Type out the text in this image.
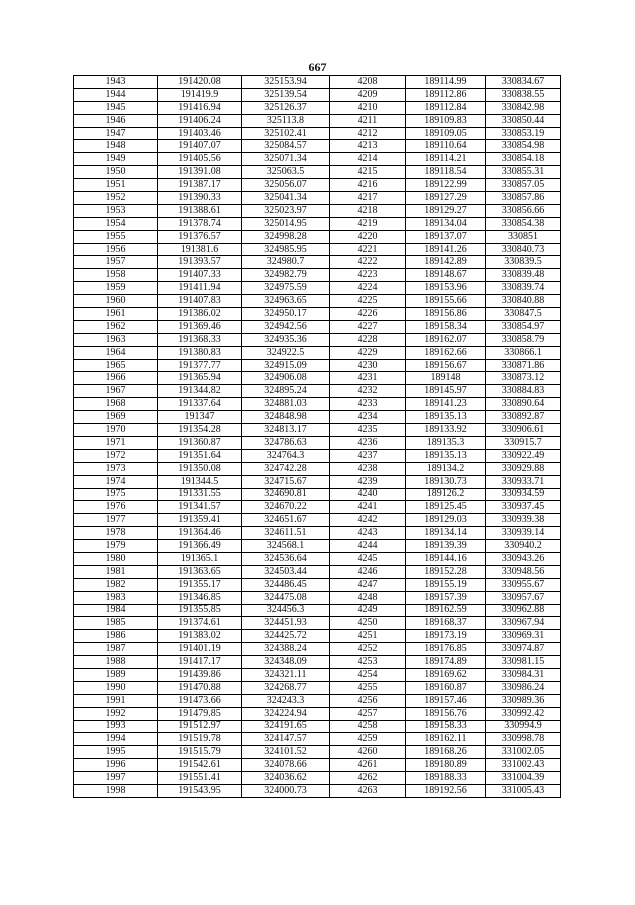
667
1943	191420.08	325153.94	4208	189114.99	330834.67
1944	191419.9	325139.54	4209	189112.86	330838.55
1945	191416.94	325126.37	4210	189112.84	330842.98
1946	191406.24	325113.8	4211	189109.83	330850.44
1947	191403.46	325102.41	4212	189109.05	330853.19
1948	191407.07	325084.57	4213	189110.64	330854.98
1949	191405.56	325071.34	4214	189114.21	330854.18
1950	191391.08	325063.5	4215	189118.54	330855.31
1951	191387.17	325056.07	4216	189122.99	330857.05
1952	191390.33	325041.34	4217	189127.29	330857.86
1953	191388.61	325023.97	4218	189129.27	330856.66
1954	191378.74	325014.95	4219	189134.04	330854.38
1955	191376.57	324998.28	4220	189137.07	330851
1956	191381.6	324985.95	4221	189141.26	330840.73
1957	191393.57	324980.7	4222	189142.89	330839.5
1958	191407.33	324982.79	4223	189148.67	330839.48
1959	191411.94	324975.59	4224	189153.96	330839.74
1960	191407.83	324963.65	4225	189155.66	330840.88
1961	191386.02	324950.17	4226	189156.86	330847.5
1962	191369.46	324942.56	4227	189158.34	330854.97
1963	191368.33	324935.36	4228	189162.07	330858.79
1964	191380.83	324922.5	4229	189162.66	330866.1
1965	191377.77	324915.09	4230	189156.67	330871.86
1966	191365.94	324906.08	4231	189148	330873.12
1967	191344.82	324895.24	4232	189145.97	330884.83
1968	191337.64	324881.03	4233	189141.23	330890.64
1969	191347	324848.98	4234	189135.13	330892.87
1970	191354.28	324813.17	4235	189133.92	330906.61
1971	191360.87	324786.63	4236	189135.3	330915.7
1972	191351.64	324764.3	4237	189135.13	330922.49
1973	191350.08	324742.28	4238	189134.2	330929.88
1974	191344.5	324715.67	4239	189130.73	330933.71
1975	191331.55	324690.81	4240	189126.2	330934.59
1976	191341.57	324670.22	4241	189125.45	330937.45
1977	191359.41	324651.67	4242	189129.03	330939.38
1978	191364.46	324611.51	4243	189134.14	330939.14
1979	191366.49	324568.1	4244	189139.39	330940.2
1980	191365.1	324536.64	4245	189144.16	330943.26
1981	191363.65	324503.44	4246	189152.28	330948.56
1982	191355.17	324486.45	4247	189155.19	330955.67
1983	191346.85	324475.08	4248	189157.39	330957.67
1984	191355.85	324456.3	4249	189162.59	330962.88
1985	191374.61	324451.93	4250	189168.37	330967.94
1986	191383.02	324425.72	4251	189173.19	330969.31
1987	191401.19	324388.24	4252	189176.85	330974.87
1988	191417.17	324348.09	4253	189174.89	330981.15
1989	191439.86	324321.11	4254	189169.62	330984.31
1990	191470.88	324268.77	4255	189160.87	330986.24
1991	191473.66	324243.3	4256	189157.46	330989.36
1992	191479.85	324224.94	4257	189156.76	330992.42
1993	191512.97	324191.65	4258	189158.33	330994.9
1994	191519.78	324147.57	4259	189162.11	330998.78
1995	191515.79	324101.52	4260	189168.26	331002.05
1996	191542.61	324078.66	4261	189180.89	331002.43
1997	191551.41	324036.62	4262	189188.33	331004.39
1998	191543.95	324000.73	4263	189192.56	331005.43
